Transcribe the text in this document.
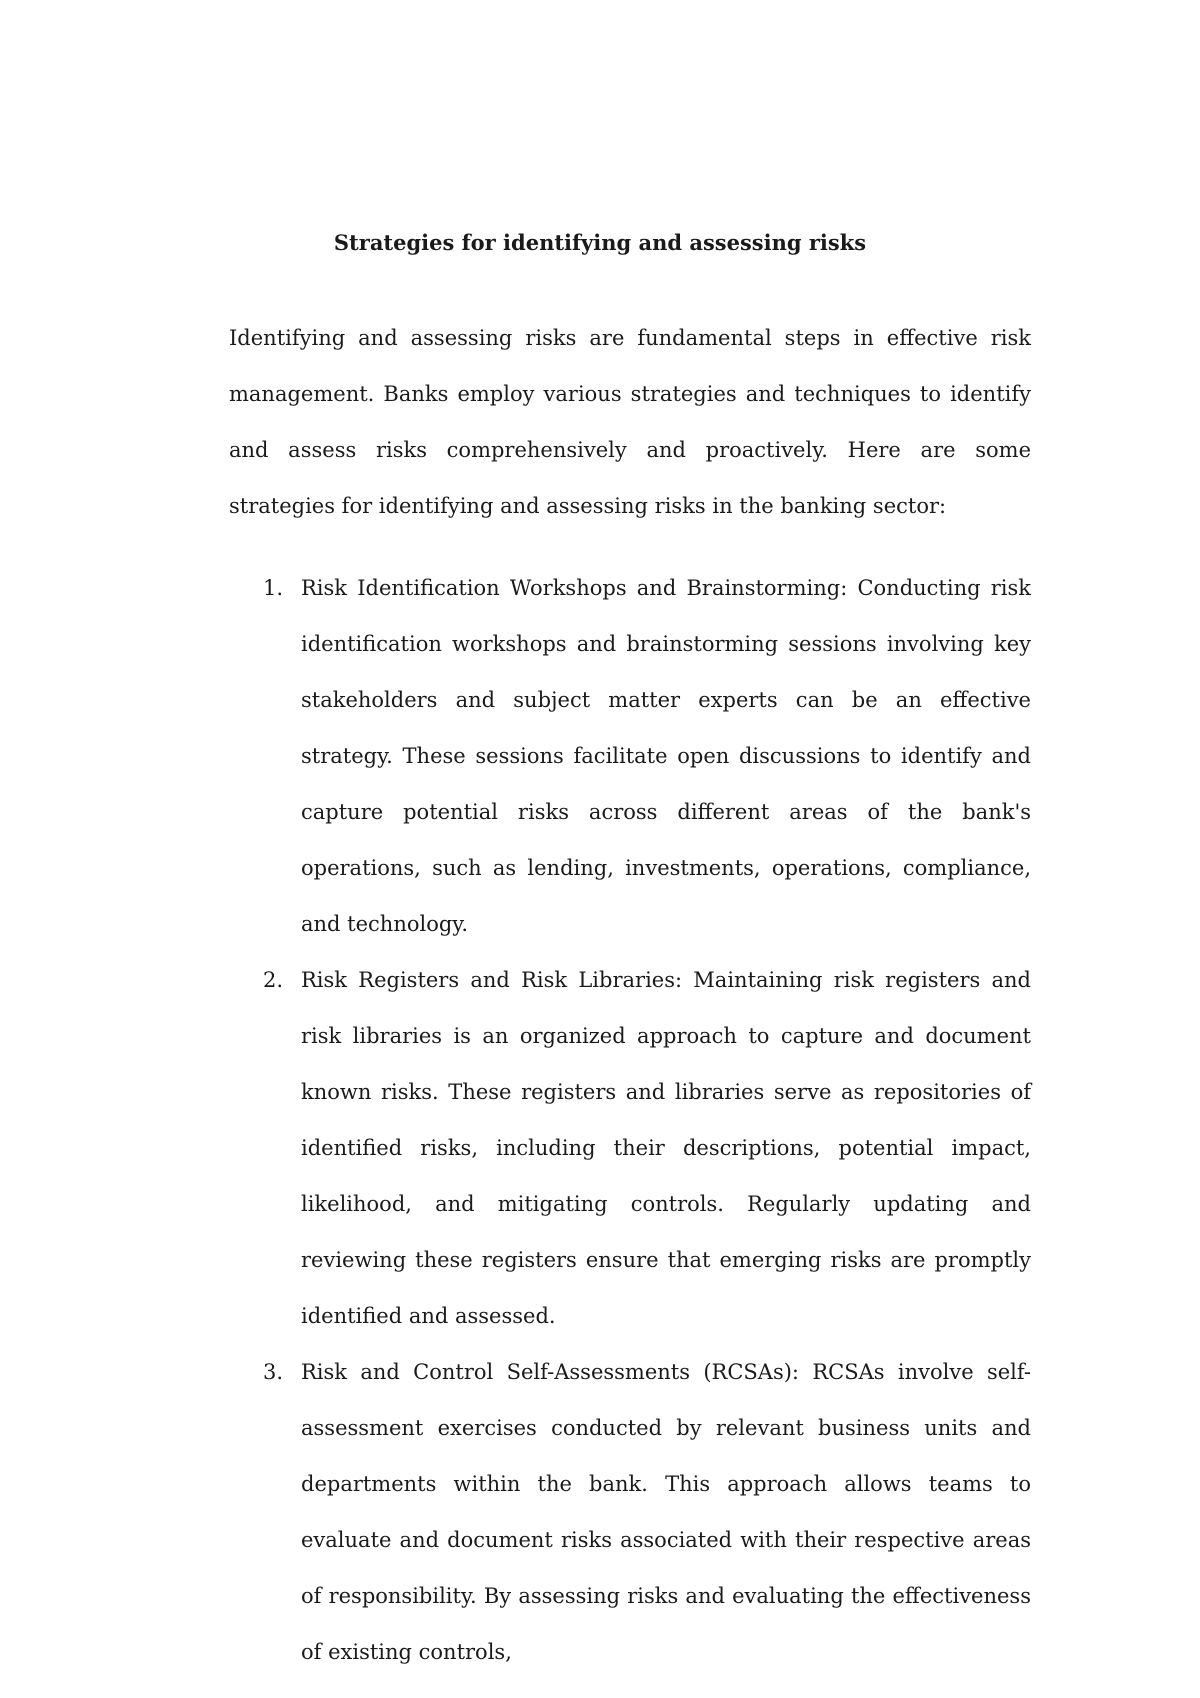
Strategies for identifying and assessing risks

Identifying and assessing risks are fundamental steps in effective risk management. Banks employ various strategies and techniques to identify and assess risks comprehensively and proactively. Here are some strategies for identifying and assessing risks in the banking sector:

1. Risk Identification Workshops and Brainstorming: Conducting risk identification workshops and brainstorming sessions involving key stakeholders and subject matter experts can be an effective strategy. These sessions facilitate open discussions to identify and capture potential risks across different areas of the bank's operations, such as lending, investments, operations, compliance, and technology.
2. Risk Registers and Risk Libraries: Maintaining risk registers and risk libraries is an organized approach to capture and document known risks. These registers and libraries serve as repositories of identified risks, including their descriptions, potential impact, likelihood, and mitigating controls. Regularly updating and reviewing these registers ensure that emerging risks are promptly identified and assessed.
3. Risk and Control Self-Assessments (RCSAs): RCSAs involve self-assessment exercises conducted by relevant business units and departments within the bank. This approach allows teams to evaluate and document risks associated with their respective areas of responsibility. By assessing risks and evaluating the effectiveness of existing controls,
